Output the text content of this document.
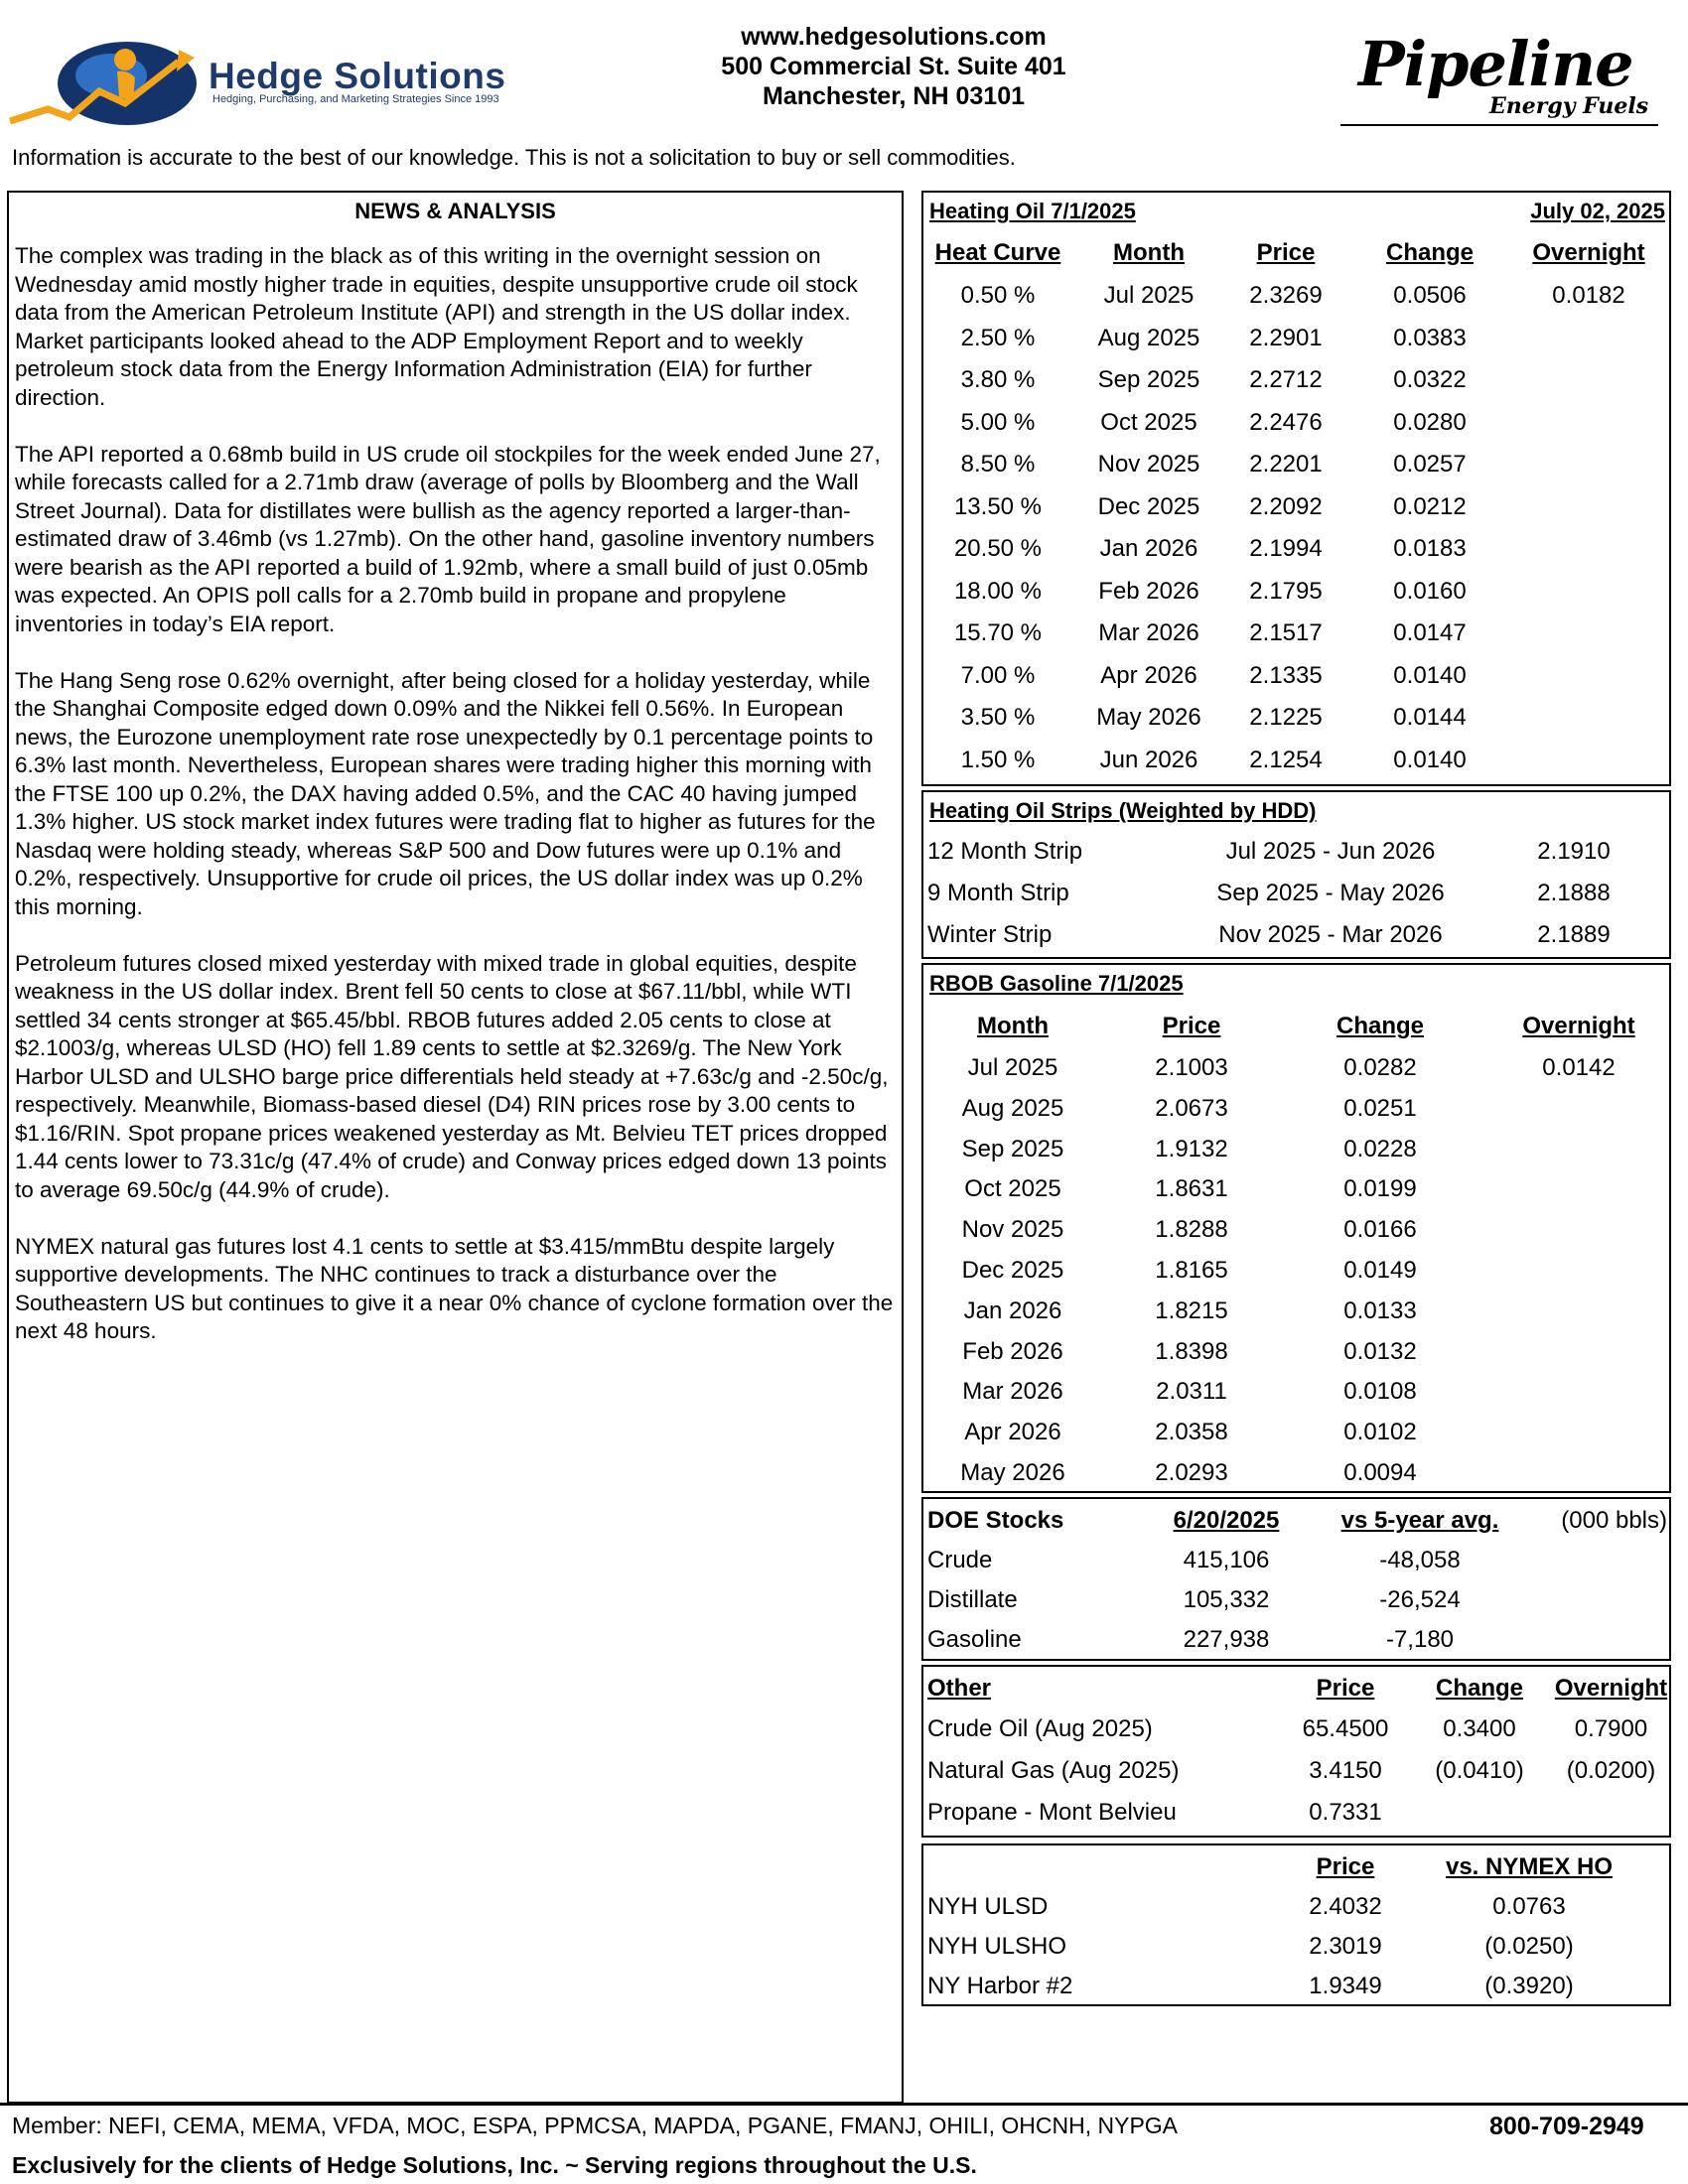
Hedge Solutions
Hedging, Purchasing, and Marketing Strategies Since 1993
www.hedgesolutions.com
500 Commercial St. Suite 401
Manchester, NH 03101	Pipeline
Energy Fuels
Information is accurate to the best of our knowledge. This is not a solicitation to buy or sell commodities.
NEWS & ANALYSIS

The complex was trading in the black as of this writing in the overnight session on Wednesday amid mostly higher trade in equities, despite unsupportive crude oil stock data from the American Petroleum Institute (API) and strength in the US dollar index. Market participants looked ahead to the ADP Employment Report and to weekly petroleum stock data from the Energy Information Administration (EIA) for further direction.

The API reported a 0.68mb build in US crude oil stockpiles for the week ended June 27, while forecasts called for a 2.71mb draw (average of polls by Bloomberg and the Wall Street Journal). Data for distillates were bullish as the agency reported a larger-than-estimated draw of 3.46mb (vs 1.27mb). On the other hand, gasoline inventory numbers were bearish as the API reported a build of 1.92mb, where a small build of just 0.05mb was expected. An OPIS poll calls for a 2.70mb build in propane and propylene inventories in today’s EIA report.

The Hang Seng rose 0.62% overnight, after being closed for a holiday yesterday, while the Shanghai Composite edged down 0.09% and the Nikkei fell 0.56%. In European news, the Eurozone unemployment rate rose unexpectedly by 0.1 percentage points to 6.3% last month. Nevertheless, European shares were trading higher this morning with the FTSE 100 up 0.2%, the DAX having added 0.5%, and the CAC 40 having jumped 1.3% higher. US stock market index futures were trading flat to higher as futures for the Nasdaq were holding steady, whereas S&P 500 and Dow futures were up 0.1% and 0.2%, respectively. Unsupportive for crude oil prices, the US dollar index was up 0.2% this morning.

Petroleum futures closed mixed yesterday with mixed trade in global equities, despite weakness in the US dollar index. Brent fell 50 cents to close at $67.11/bbl, while WTI settled 34 cents stronger at $65.45/bbl. RBOB futures added 2.05 cents to close at $2.1003/g, whereas ULSD (HO) fell 1.89 cents to settle at $2.3269/g. The New York Harbor ULSD and ULSHO barge price differentials held steady at +7.63c/g and -2.50c/g, respectively. Meanwhile, Biomass-based diesel (D4) RIN prices rose by 3.00 cents to $1.16/RIN. Spot propane prices weakened yesterday as Mt. Belvieu TET prices dropped 1.44 cents lower to 73.31c/g (47.4% of crude) and Conway prices edged down 13 points to average 69.50c/g (44.9% of crude).

NYMEX natural gas futures lost 4.1 cents to settle at $3.415/mmBtu despite largely supportive developments. The NHC continues to track a disturbance over the Southeastern US but continues to give it a near 0% chance of cyclone formation over the next 48 hours.

Heating Oil 7/1/2025	July 02, 2025
Heat Curve	Month	Price	Change	Overnight
0.50 %	Jul 2025	2.3269	0.0506	0.0182
2.50 %	Aug 2025	2.2901	0.0383
3.80 %	Sep 2025	2.2712	0.0322
5.00 %	Oct 2025	2.2476	0.0280
8.50 %	Nov 2025	2.2201	0.0257
13.50 %	Dec 2025	2.2092	0.0212
20.50 %	Jan 2026	2.1994	0.0183
18.00 %	Feb 2026	2.1795	0.0160
15.70 %	Mar 2026	2.1517	0.0147
7.00 %	Apr 2026	2.1335	0.0140
3.50 %	May 2026	2.1225	0.0144
1.50 %	Jun 2026	2.1254	0.0140
Heating Oil Strips (Weighted by HDD)
12 Month Strip	Jul 2025 - Jun 2026	2.1910
9 Month Strip	Sep 2025 - May 2026	2.1888
Winter Strip	Nov 2025 - Mar 2026	2.1889
RBOB Gasoline 7/1/2025
Month	Price	Change	Overnight
Jul 2025	2.1003	0.0282	0.0142
Aug 2025	2.0673	0.0251
Sep 2025	1.9132	0.0228
Oct 2025	1.8631	0.0199
Nov 2025	1.8288	0.0166
Dec 2025	1.8165	0.0149
Jan 2026	1.8215	0.0133
Feb 2026	1.8398	0.0132
Mar 2026	2.0311	0.0108
Apr 2026	2.0358	0.0102
May 2026	2.0293	0.0094
DOE Stocks	6/20/2025	vs 5-year avg.	(000 bbls)
Crude	415,106	-48,058
Distillate	105,332	-26,524
Gasoline	227,938	-7,180
Other	Price	Change	Overnight
Crude Oil (Aug 2025)	65.4500	0.3400	0.7900
Natural Gas (Aug 2025)	3.4150	(0.0410)	(0.0200)
Propane - Mont Belvieu	0.7331
Price	vs. NYMEX HO
NYH ULSD	2.4032	0.0763
NYH ULSHO	2.3019	(0.0250)
NY Harbor #2	1.9349	(0.3920)
Member: NEFI, CEMA, MEMA, VFDA, MOC, ESPA, PPMCSA, MAPDA, PGANE, FMANJ, OHILI, OHCNH, NYPGA	800-709-2949
Exclusively for the clients of Hedge Solutions, Inc. ~ Serving regions throughout the U.S.
